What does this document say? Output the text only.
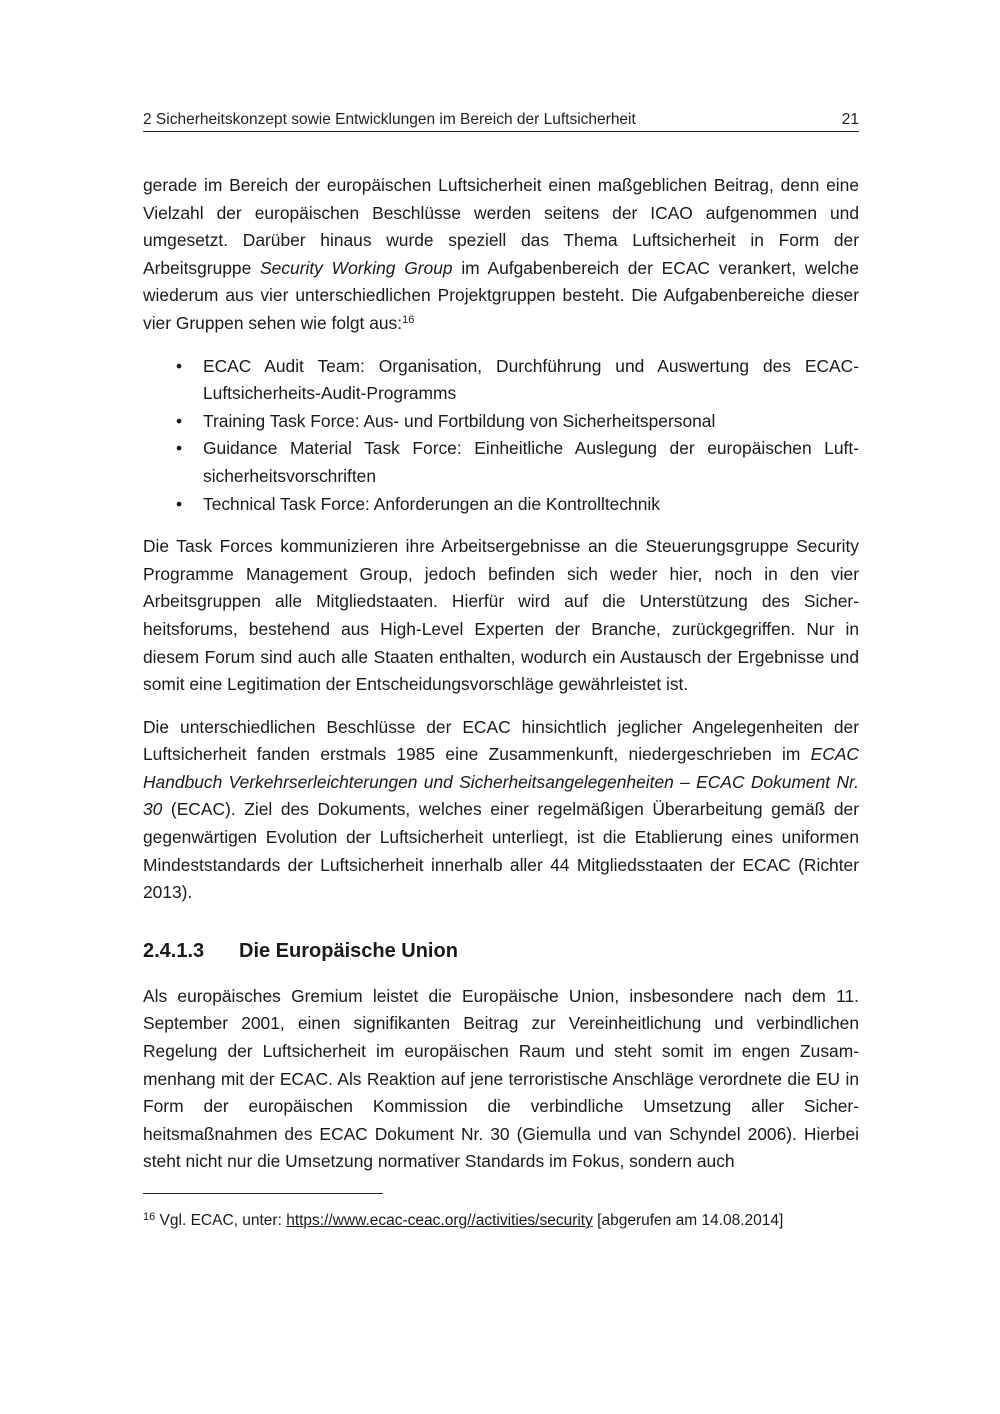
2 Sicherheitskonzept sowie Entwicklungen im Bereich der Luftsicherheit	21

gerade im Bereich der europäischen Luftsicherheit einen maßgeblichen Beitrag, denn eine Vielzahl der europäischen Beschlüsse werden seitens der ICAO aufgenommen und umgesetzt. Darüber hinaus wurde speziell das Thema Luftsicherheit in Form der Arbeitsgruppe Security Working Group im Aufgabenbereich der ECAC verankert, welche wiederum aus vier unterschiedlichen Projektgruppen besteht. Die Aufgabenbereiche dieser vier Gruppen sehen wie folgt aus:$^{16}$

• ECAC Audit Team: Organisation, Durchführung und Auswertung des ECAC-Luftsicherheits-Audit-Programms
• Training Task Force: Aus- und Fortbildung von Sicherheitspersonal
• Guidance Material Task Force: Einheitliche Auslegung der europäischen Luftsicherheitsvorschriften
• Technical Task Force: Anforderungen an die Kontrolltechnik

Die Task Forces kommunizieren ihre Arbeitsergebnisse an die Steuerungsgruppe Security Programme Management Group, jedoch befinden sich weder hier, noch in den vier Arbeitsgruppen alle Mitgliedstaaten. Hierfür wird auf die Unterstützung des Sicherheitsforums, bestehend aus High-Level Experten der Branche, zurückgegriffen. Nur in diesem Forum sind auch alle Staaten enthalten, wodurch ein Austausch der Ergebnisse und somit eine Legitimation der Entscheidungsvorschläge gewährleistet ist.

Die unterschiedlichen Beschlüsse der ECAC hinsichtlich jeglicher Angelegenheiten der Luftsicherheit fanden erstmals 1985 eine Zusammenkunft, niedergeschrieben im ECAC Handbuch Verkehrserleichterungen und Sicherheitsangelegenheiten – ECAC Dokument Nr. 30 (ECAC). Ziel des Dokuments, welches einer regelmäßigen Überarbeitung gemäß der gegenwärtigen Evolution der Luftsicherheit unterliegt, ist die Etablierung eines uniformen Mindeststandards der Luftsicherheit innerhalb aller 44 Mitgliedsstaaten der ECAC (Richter 2013).

2.4.1.3 Die Europäische Union

Als europäisches Gremium leistet die Europäische Union, insbesondere nach dem 11. September 2001, einen signifikanten Beitrag zur Vereinheitlichung und verbindlichen Regelung der Luftsicherheit im europäischen Raum und steht somit im engen Zusammenhang mit der ECAC. Als Reaktion auf jene terroristische Anschläge verordnete die EU in Form der europäischen Kommission die verbindliche Umsetzung aller Sicherheitsmaßnahmen des ECAC Dokument Nr. 30 (Giemulla und van Schyndel 2006). Hierbei steht nicht nur die Umsetzung normativer Standards im Fokus, sondern auch

$^{16}$ Vgl. ECAC, unter: https://www.ecac-ceac.org//activities/security [abgerufen am 14.08.2014]
